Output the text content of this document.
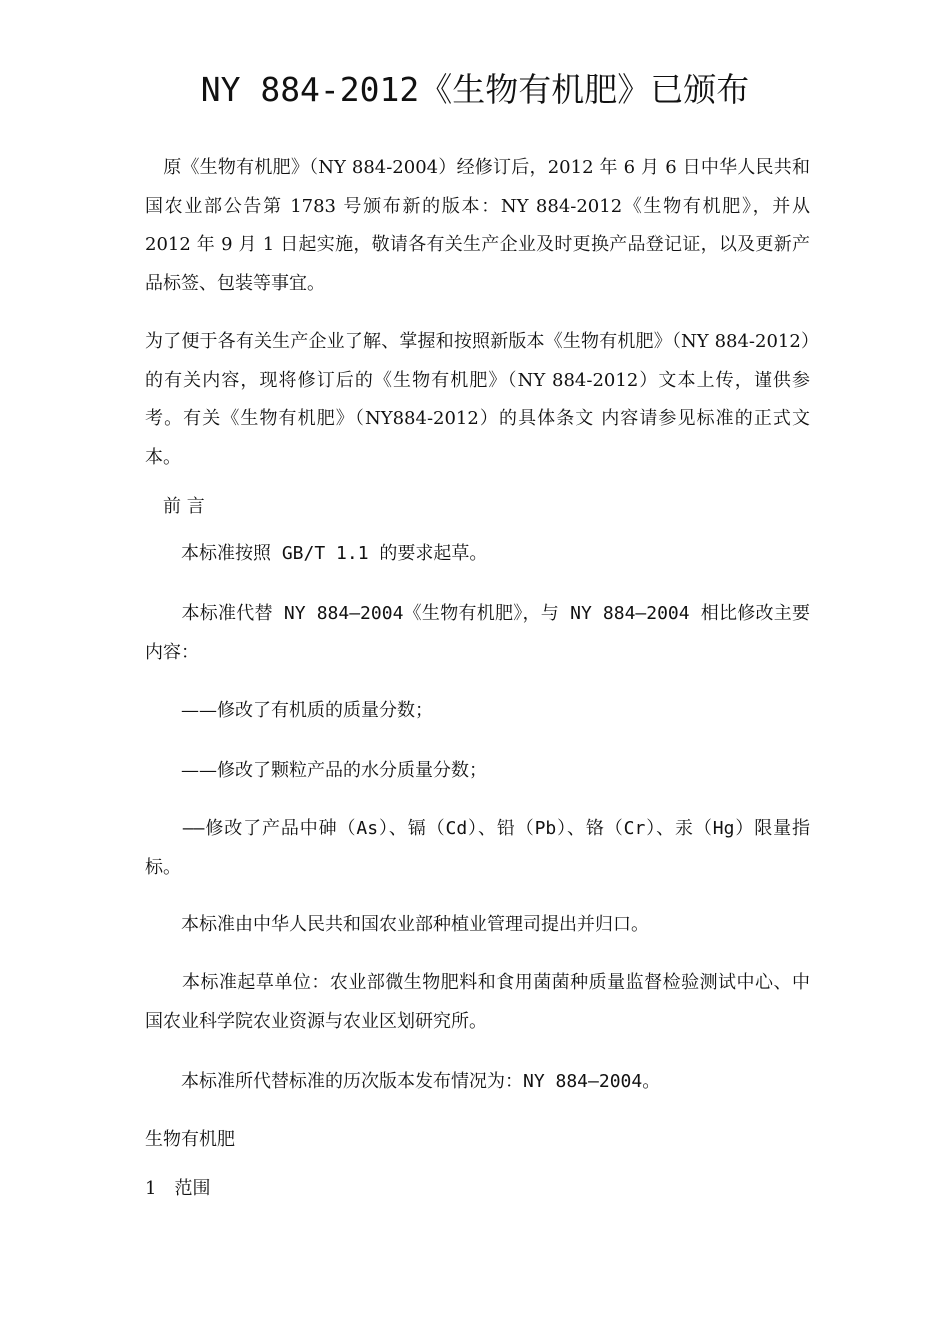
NY 884-2012《生物有机肥》已颁布

　原《生物有机肥》（NY 884-2004）经修订后，2012 年 6 月 6 日中华人民共和国农业部公告第 1783 号颁布新的版本：NY 884-2012《生物有机肥》，并从 2012 年 9 月 1 日起实施，敬请各有关生产企业及时更换产品登记证，以及更新产品标签、包装等事宜。

为了便于各有关生产企业了解、掌握和按照新版本《生物有机肥》（NY 884-2012）的有关内容，现将修订后的《生物有机肥》（NY 884-2012）文本上传，谨供参考。有关《生物有机肥》（NY884-2012）的具体条文 内容请参见标准的正式文本。

　前 言

　　本标准按照 GB/T 1.1 的要求起草。

　　本标准代替 NY 884—2004《生物有机肥》，与 NY 884—2004 相比修改主要内容：

　　——修改了有机质的质量分数；

　　——修改了颗粒产品的水分质量分数；

　　——修改了产品中砷（As）、镉（Cd）、铅（Pb）、铬（Cr）、汞（Hg）限量指标。

　　本标准由中华人民共和国农业部种植业管理司提出并归口。

　　本标准起草单位：农业部微生物肥料和食用菌菌种质量监督检验测试中心、中国农业科学院农业资源与农业区划研究所。

　　本标准所代替标准的历次版本发布情况为：NY 884—2004。

生物有机肥

1　范围
